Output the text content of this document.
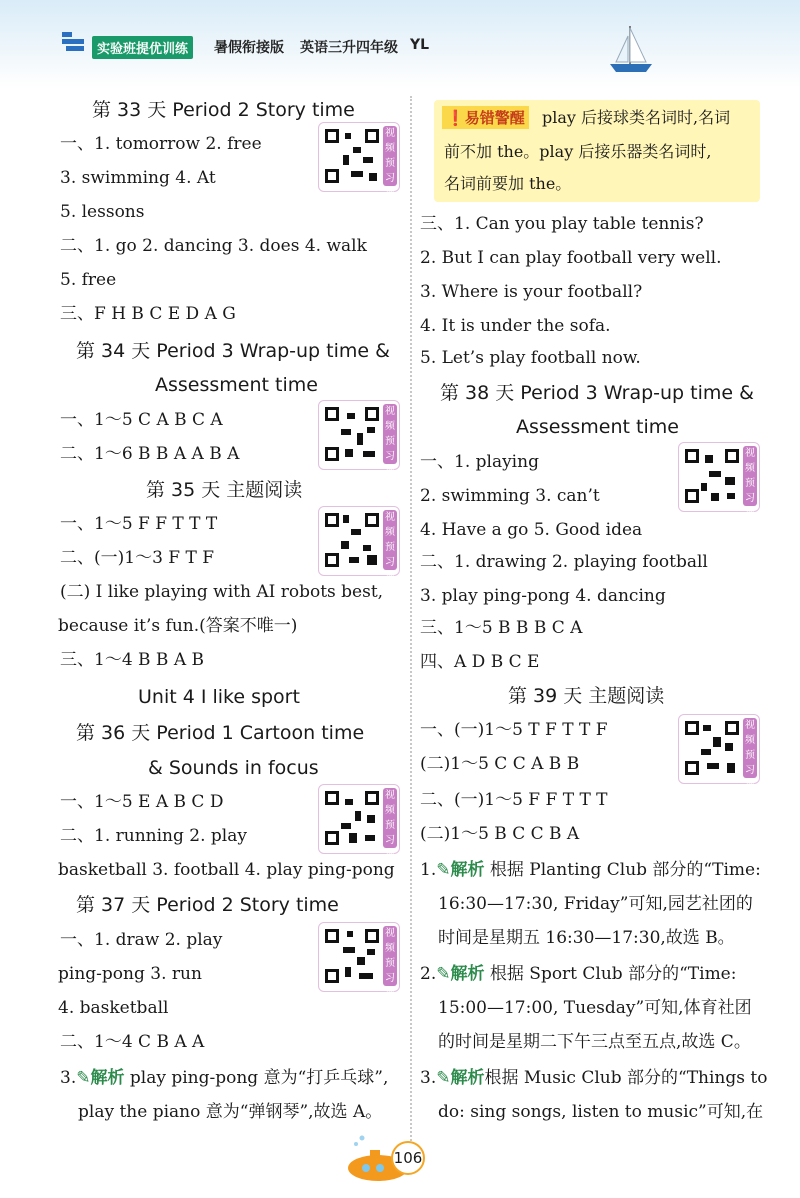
实验班提优训练	暑假衔接版 英语三升四年级 YL
第 33 天 Period 2 Story time
一、1. tomorrow 2. free
3. swimming 4. At
5. lessons
二、1. go 2. dancing 3. does 4. walk
5. free
三、F H B C E D A G
第 34 天 Period 3 Wrap-up time &
Assessment time
一、1～5 C A B C A
二、1～6 B B A A B A
第 35 天 主题阅读
一、1～5 F F T T T
二、(一)1～3 F T F
(二) I like playing with AI robots best,
because it’s fun.(答案不唯一)
三、1～4 B B A B
Unit 4 I like sport
第 36 天 Period 1 Cartoon time
& Sounds in focus
一、1～5 E A B C D
二、1. running 2. play
basketball 3. football 4. play ping-pong
第 37 天 Period 2 Story time
一、1. draw 2. play
ping-pong 3. run
4. basketball
二、1～4 C B A A
3.✎解析 play ping-pong 意为“打乒乓球”,
play the piano 意为“弹钢琴”,故选 A。
视频预习课
视频预习课
视频预习课
视频预习课
视频预习课
❗易错警醒 play 后接球类名词时,名词
前不加 the。play 后接乐器类名词时,
名词前要加 the。
三、1. Can you play table tennis?
2. But I can play football very well.
3. Where is your football?
4. It is under the sofa.
5. Let’s play football now.
第 38 天 Period 3 Wrap-up time &
Assessment time
一、1. playing
2. swimming 3. can’t
4. Have a go 5. Good idea
二、1. drawing 2. playing football
3. play ping-pong 4. dancing
三、1～5 B B B C A
四、A D B C E
第 39 天 主题阅读
一、(一)1～5 T F T T F
(二)1～5 C C A B B
二、(一)1～5 F F T T T
(二)1～5 B C C B A
1.✎解析 根据 Planting Club 部分的“Time:
16:30—17:30, Friday”可知,园艺社团的
时间是星期五 16:30—17:30,故选 B。
2.✎解析 根据 Sport Club 部分的“Time:
15:00—17:00, Tuesday”可知,体育社团
的时间是星期二下午三点至五点,故选 C。
3.✎解析根据 Music Club 部分的“Things to
do: sing songs, listen to music”可知,在
视频预习课
视频预习课
106
